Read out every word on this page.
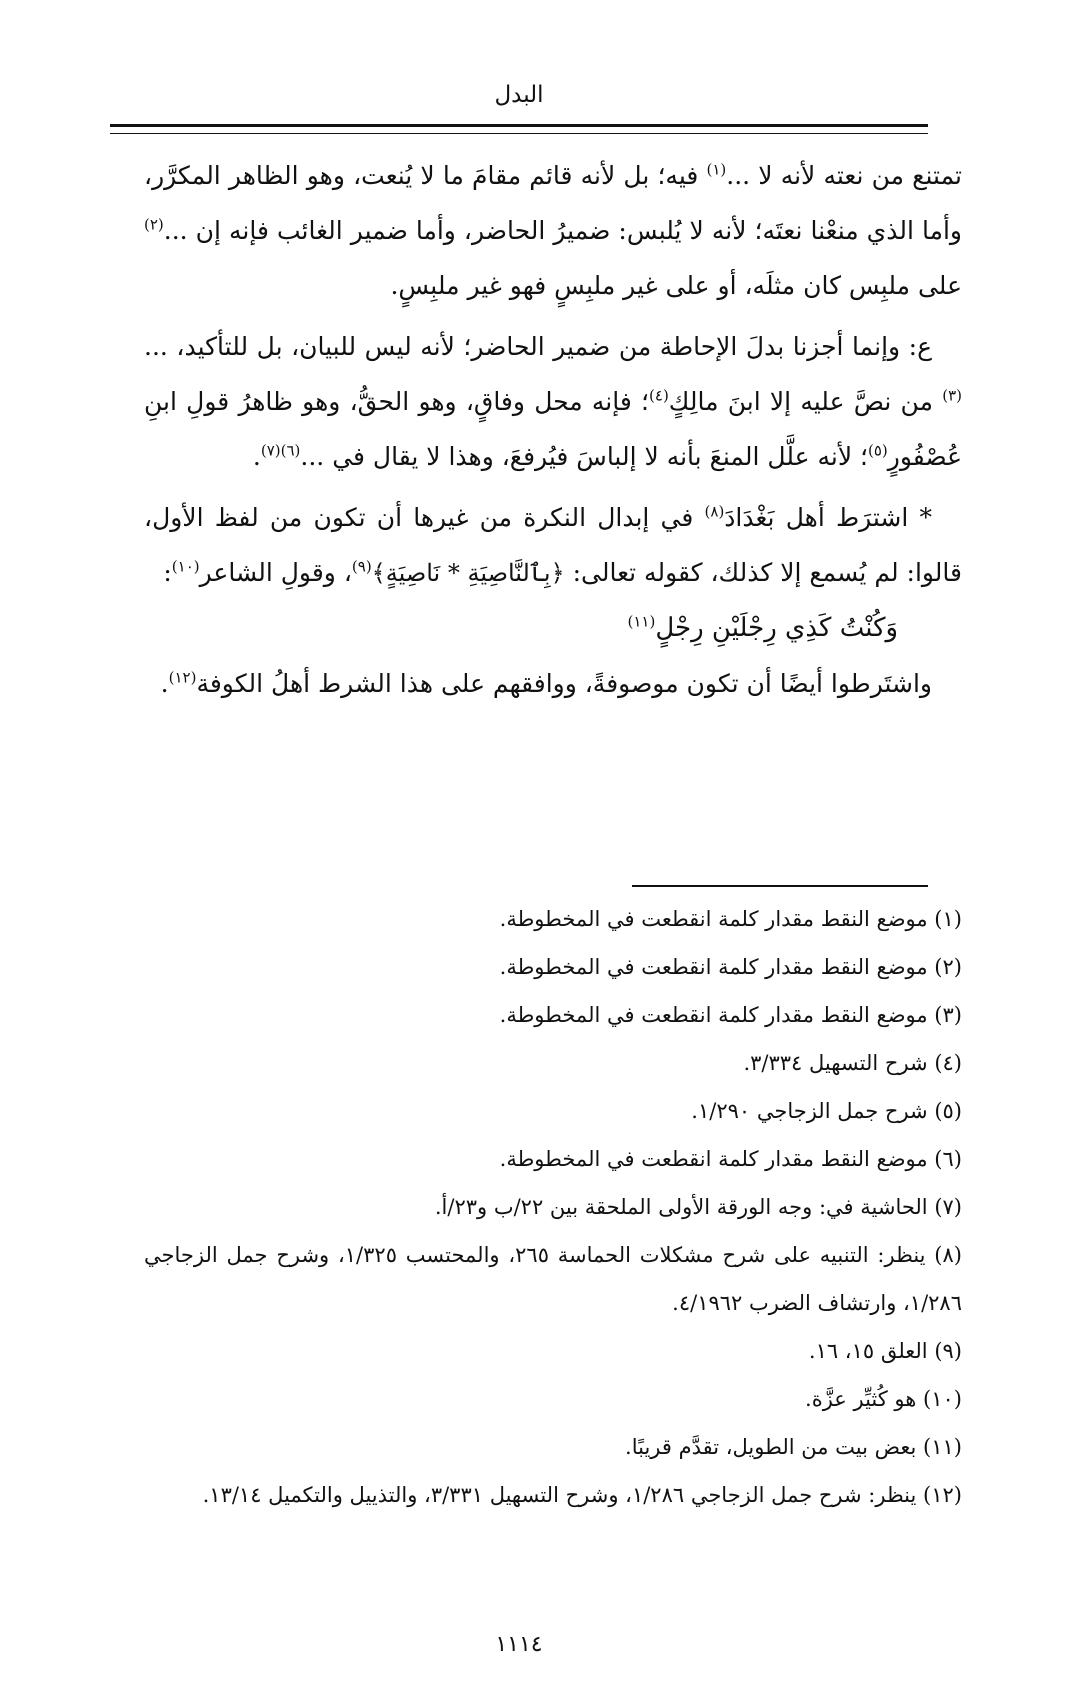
البدل

تمتنع من نعته لأنه لا ...$^{(١)}$ فيه؛ بل لأنه قائم مقامَ ما لا يُنعت، وهو الظاهر المكرَّر، وأما الذي منعْنا نعتَه؛ لأنه لا يُلبس: ضميرُ الحاضر، وأما ضمير الغائب فإنه إن ...$^{(٢)}$ على ملبِس كان مثلَه، أو على غير ملبِسٍ فهو غير ملبِسٍ.

ع: وإنما أجزنا بدلَ الإحاطة من ضمير الحاضر؛ لأنه ليس للبيان، بل للتأكيد، ...$^{(٣)}$ من نصَّ عليه إلا ابنَ مالِكٍ$^{(٤)}$؛ فإنه محل وفاقٍ، وهو الحقُّ، وهو ظاهرُ قولِ ابنِ عُصْفُورٍ$^{(٥)}$؛ لأنه علَّل المنعَ بأنه لا إلباسَ فيُرفعَ، وهذا لا يقال في ...$^{(٦)(٧)}$.

* اشترَط أهل بَغْدَادَ$^{(٨)}$ في إبدال النكرة من غيرها أن تكون من لفظ الأول، قالوا: لم يُسمع إلا كذلك، كقوله تعالى: ﴿بِٱلنَّاصِيَةِ * نَاصِيَةٍ﴾$^{(٩)}$، وقولِ الشاعر$^{(١٠)}$:

وَكُنْتُ كَذِي رِجْلَيْنِ رِجْلٍ$^{(١١)}$

واشتَرطوا أيضًا أن تكون موصوفةً، ووافقهم على هذا الشرط أهلُ الكوفة$^{(١٢)}$.

(١) موضع النقط مقدار كلمة انقطعت في المخطوطة.

(٢) موضع النقط مقدار كلمة انقطعت في المخطوطة.

(٣) موضع النقط مقدار كلمة انقطعت في المخطوطة.

(٤) شرح التسهيل ٣/٣٣٤.

(٥) شرح جمل الزجاجي ١/٢٩٠.

(٦) موضع النقط مقدار كلمة انقطعت في المخطوطة.

(٧) الحاشية في: وجه الورقة الأولى الملحقة بين ٢٢/ب و٢٣/أ.

(٨) ينظر: التنبيه على شرح مشكلات الحماسة ٢٦٥، والمحتسب ١/٣٢٥، وشرح جمل الزجاجي ١/٢٨٦، وارتشاف الضرب ٤/١٩٦٢.

(٩) العلق ١٥، ١٦.

(١٠) هو كُثيِّر عزَّة.

(١١) بعض بيت من الطويل، تقدَّم قريبًا.

(١٢) ينظر: شرح جمل الزجاجي ١/٢٨٦، وشرح التسهيل ٣/٣٣١، والتذييل والتكميل ١٣/١٤.

١١١٤
